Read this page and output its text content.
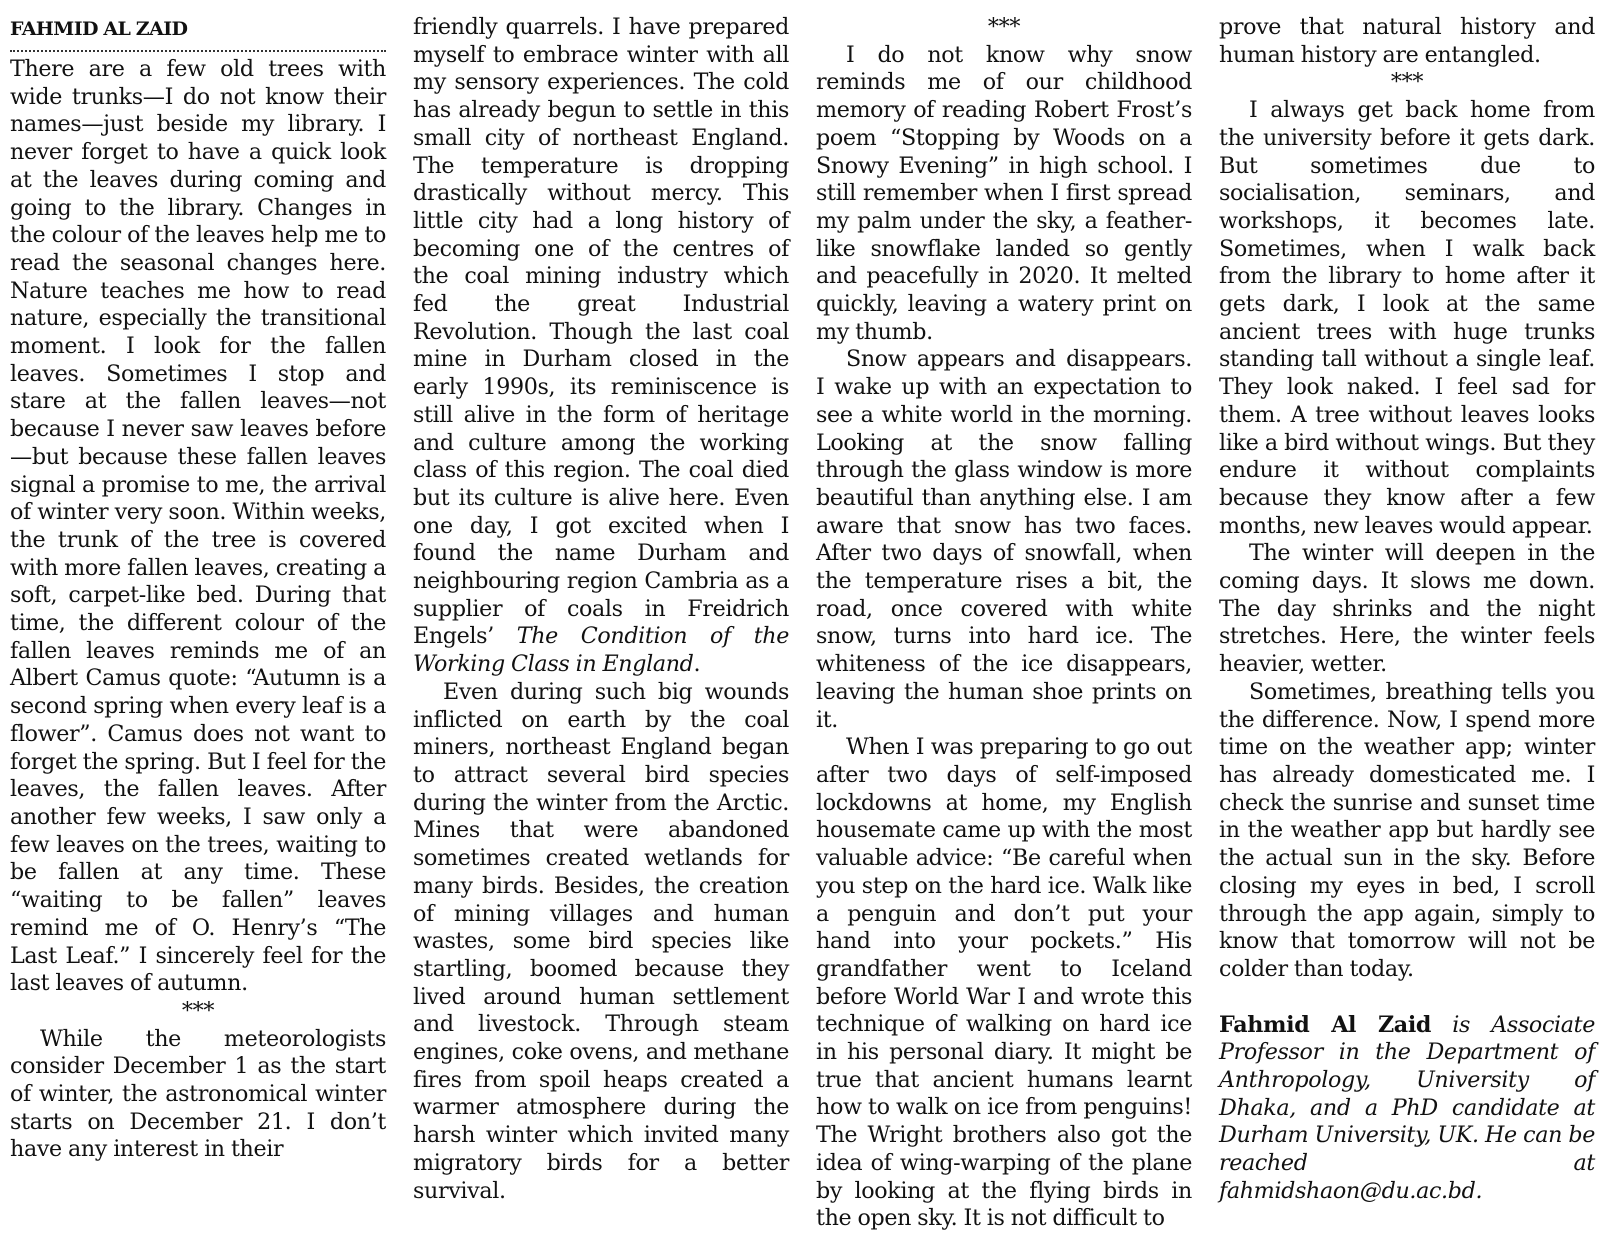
FAHMID AL ZAID

There are a few old trees with wide trunks—I do not know their names—just beside my library. I never forget to have a quick look at the leaves during coming and going to the library. Changes in the colour of the leaves help me to read the seasonal changes here. Nature teaches me how to read nature, especially the transitional moment. I look for the fallen leaves. Sometimes I stop and stare at the fallen leaves—not because I never saw leaves before—but because these fallen leaves signal a promise to me, the arrival of winter very soon. Within weeks, the trunk of the tree is covered with more fallen leaves, creating a soft, carpet-like bed. During that time, the different colour of the fallen leaves reminds me of an Albert Camus quote: “Autumn is a second spring when every leaf is a flower”. Camus does not want to forget the spring. But I feel for the leaves, the fallen leaves. After another few weeks, I saw only a few leaves on the trees, waiting to be fallen at any time. These “waiting to be fallen” leaves remind me of O. Henry’s “The Last Leaf.” I sincerely feel for the last leaves of autumn.

***

While the meteorologists consider December 1 as the start of winter, the astronomical winter starts on December 21. I don’t have any interest in their

friendly quarrels. I have prepared myself to embrace winter with all my sensory experiences. The cold has already begun to settle in this small city of northeast England. The temperature is dropping drastically without mercy. This little city had a long history of becoming one of the centres of the coal mining industry which fed the great Industrial Revolution. Though the last coal mine in Durham closed in the early 1990s, its reminiscence is still alive in the form of heritage and culture among the working class of this region. The coal died but its culture is alive here. Even one day, I got excited when I found the name Durham and neighbouring region Cambria as a supplier of coals in Freidrich Engels’ The Condition of the Working Class in England.

Even during such big wounds inflicted on earth by the coal miners, northeast England began to attract several bird species during the winter from the Arctic. Mines that were abandoned sometimes created wetlands for many birds. Besides, the creation of mining villages and human wastes, some bird species like startling, boomed because they lived around human settlement and livestock. Through steam engines, coke ovens, and methane fires from spoil heaps created a warmer atmosphere during the harsh winter which invited many migratory birds for a better survival.

***

I do not know why snow reminds me of our childhood memory of reading Robert Frost’s poem “Stopping by Woods on a Snowy Evening” in high school. I still remember when I first spread my palm under the sky, a feather-like snowflake landed so gently and peacefully in 2020. It melted quickly, leaving a watery print on my thumb.

Snow appears and disappears. I wake up with an expectation to see a white world in the morning. Looking at the snow falling through the glass window is more beautiful than anything else. I am aware that snow has two faces. After two days of snowfall, when the temperature rises a bit, the road, once covered with white snow, turns into hard ice. The whiteness of the ice disappears, leaving the human shoe prints on it.

When I was preparing to go out after two days of self-imposed lockdowns at home, my English housemate came up with the most valuable advice: “Be careful when you step on the hard ice. Walk like a penguin and don’t put your hand into your pockets.” His grandfather went to Iceland before World War I and wrote this technique of walking on hard ice in his personal diary. It might be true that ancient humans learnt how to walk on ice from penguins! The Wright brothers also got the idea of wing-warping of the plane by looking at the flying birds in the open sky. It is not difficult to

prove that natural history and human history are entangled.

***

I always get back home from the university before it gets dark. But sometimes due to socialisation, seminars, and workshops, it becomes late. Sometimes, when I walk back from the library to home after it gets dark, I look at the same ancient trees with huge trunks standing tall without a single leaf. They look naked. I feel sad for them. A tree without leaves looks like a bird without wings. But they endure it without complaints because they know after a few months, new leaves would appear.

The winter will deepen in the coming days. It slows me down. The day shrinks and the night stretches. Here, the winter feels heavier, wetter.

Sometimes, breathing tells you the difference. Now, I spend more time on the weather app; winter has already domesticated me. I check the sunrise and sunset time in the weather app but hardly see the actual sun in the sky. Before closing my eyes in bed, I scroll through the app again, simply to know that tomorrow will not be colder than today.

Fahmid Al Zaid is Associate Professor in the Department of Anthropology, University of Dhaka, and a PhD candidate at Durham University, UK. He can be reached at fahmidshaon@du.ac.bd.
